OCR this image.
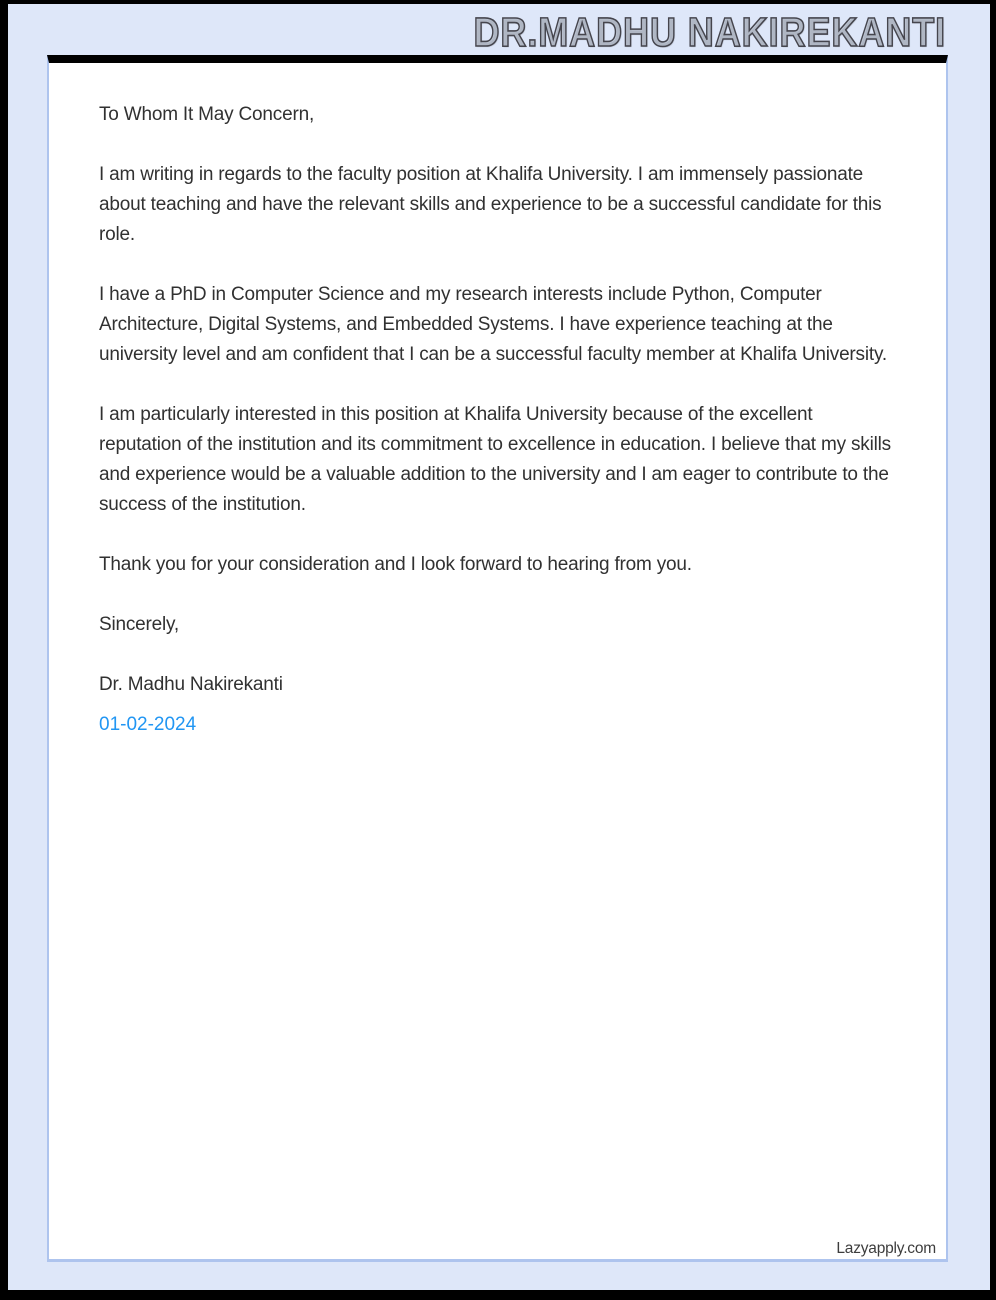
DR.MADHU NAKIREKANTI

To Whom It May Concern,

I am writing in regards to the faculty position at Khalifa University. I am immensely passionate about teaching and have the relevant skills and experience to be a successful candidate for this role.

I have a PhD in Computer Science and my research interests include Python, Computer Architecture, Digital Systems, and Embedded Systems. I have experience teaching at the university level and am confident that I can be a successful faculty member at Khalifa University.

I am particularly interested in this position at Khalifa University because of the excellent reputation of the institution and its commitment to excellence in education. I believe that my skills and experience would be a valuable addition to the university and I am eager to contribute to the success of the institution.

Thank you for your consideration and I look forward to hearing from you.

Sincerely,

Dr. Madhu Nakirekanti

01-02-2024

Lazyapply.com
